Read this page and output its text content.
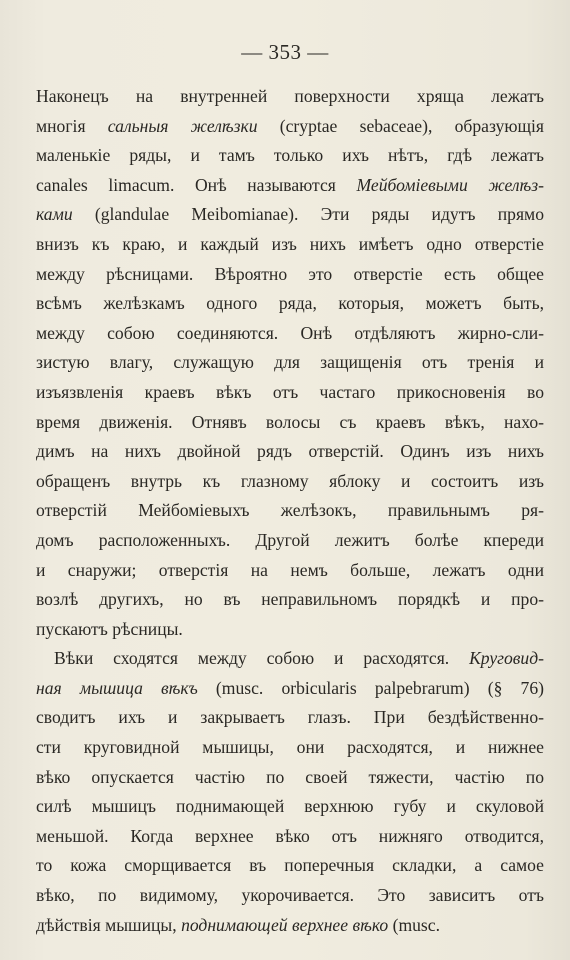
— 353 —
Наконецъ на внутренней поверхности хряща лежатъ
многія сальныя желѣзки (cryptae sebaceae), образующія
маленькіе ряды, и тамъ только ихъ нѣтъ, гдѣ лежатъ
canales limacum. Онѣ называются Мейбоміевыми желѣз-
ками (glandulae Meibomianae). Эти ряды идутъ прямо
внизъ къ краю, и каждый изъ нихъ имѣетъ одно отверстіе
между рѣсницами. Вѣроятно это отверстіе есть общее
всѣмъ желѣзкамъ одного ряда, которыя, можетъ быть,
между собою соединяются. Онѣ отдѣляютъ жирно-сли-
зистую влагу, служащую для защищенія отъ тренія и
изъязвленія краевъ вѣкъ отъ частаго прикосновенія во
время движенія. Отнявъ волосы съ краевъ вѣкъ, нахо-
димъ на нихъ двойной рядъ отверстій. Одинъ изъ нихъ
обращенъ внутрь къ глазному яблоку и состоитъ изъ
отверстій Мейбоміевыхъ желѣзокъ, правильнымъ ря-
домъ расположенныхъ. Другой лежитъ болѣе кпереди
и снаружи; отверстія на немъ больше, лежатъ одни
возлѣ другихъ, но въ неправильномъ порядкѣ и про-
пускаютъ рѣсницы.
Вѣки сходятся между собою и расходятся. Круговид-
ная мышица вѣкъ (musc. orbicularis palpebrarum) (§ 76)
сводитъ ихъ и закрываетъ глазъ. При бездѣйственно-
сти круговидной мышицы, они расходятся, и нижнее
вѣко опускается частію по своей тяжести, частію по
силѣ мышицъ поднимающей верхнюю губу и скуловой
меньшой. Когда верхнее вѣко отъ нижняго отводится,
то кожа сморщивается въ поперечныя складки, а самое
вѣко, по видимому, укорочивается. Это зависитъ отъ
дѣйствія мышицы, поднимающей верхнее вѣко (musc.
